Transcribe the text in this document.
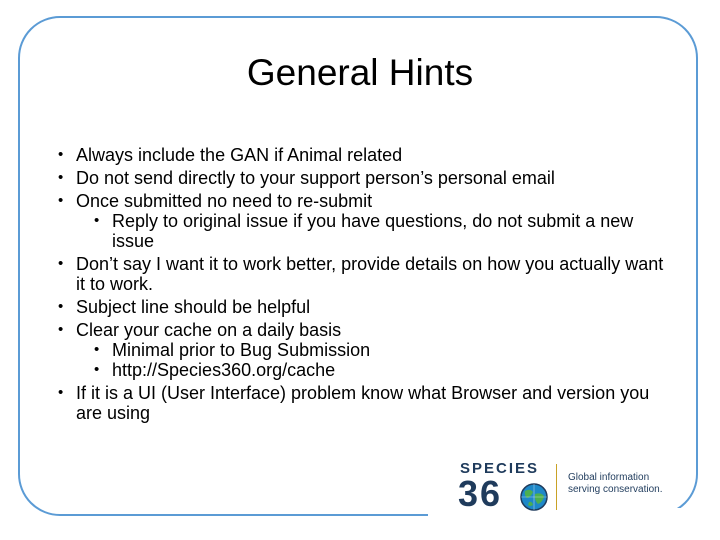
General Hints
• Always include the GAN if Animal related
• Do not send directly to your support person’s personal email
• Once submitted no need to re-submit
• Reply to original issue if you have questions, do not submit a new issue
• Don’t say I want it to work better, provide details on how you actually want it to work.
• Subject line should be helpful
• Clear your cache on a daily basis
• Minimal prior to Bug Submission
• http://Species360.org/cache
• If it is a UI (User Interface) problem know what Browser and version you are using
SPECIES
36	Global information
serving conservation.
